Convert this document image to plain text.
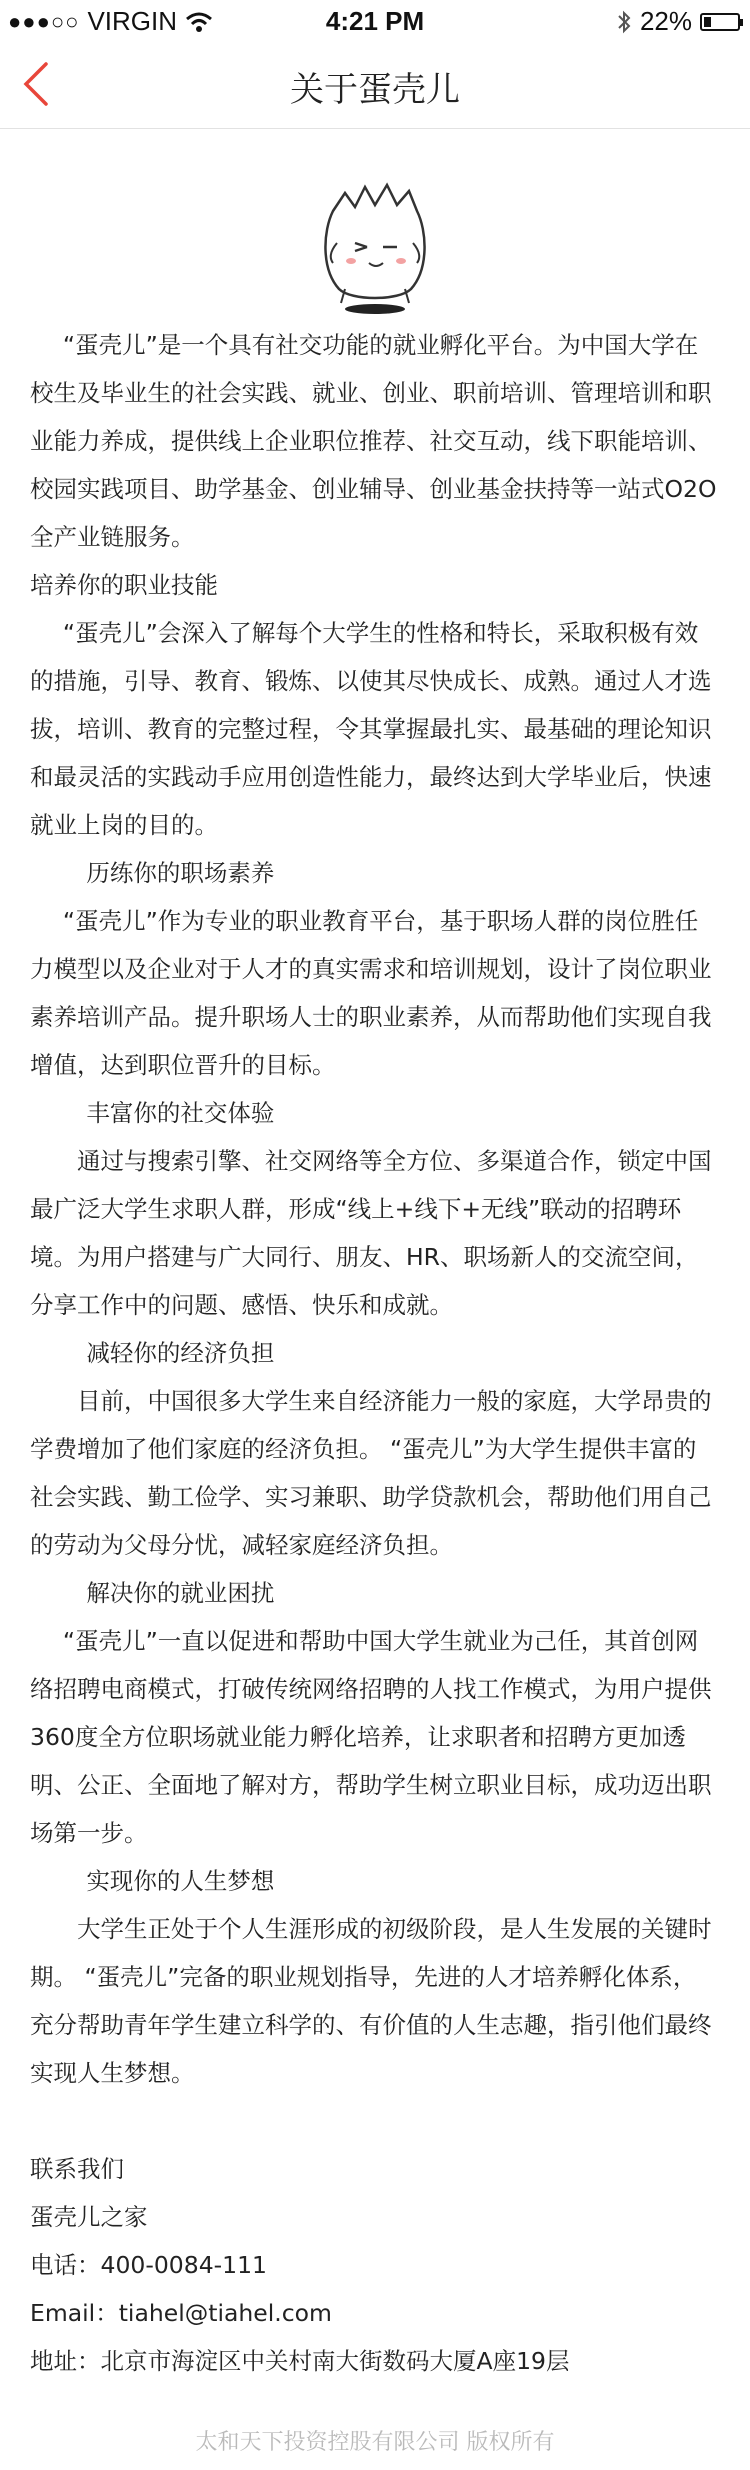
●●●○○ VIRGIN	4:21 PM	22%
关于蛋壳儿

“蛋壳儿”是一个具有社交功能的就业孵化平台。为中国大学在校生及毕业生的社会实践、就业、创业、职前培训、管理培训和职业能力养成，提供线上企业职位推荐、社交互动，线下职能培训、校园实践项目、助学基金、创业辅导、创业基金扶持等一站式O2O全产业链服务。

培养你的职业技能

“蛋壳儿”会深入了解每个大学生的性格和特长，采取积极有效的措施，引导、教育、锻炼、以使其尽快成长、成熟。通过人才选拔，培训、教育的完整过程，令其掌握最扎实、最基础的理论知识和最灵活的实践动手应用创造性能力，最终达到大学毕业后，快速就业上岗的目的。

历练你的职场素养

“蛋壳儿”作为专业的职业教育平台，基于职场人群的岗位胜任力模型以及企业对于人才的真实需求和培训规划，设计了岗位职业素养培训产品。提升职场人士的职业素养，从而帮助他们实现自我增值，达到职位晋升的目标。

丰富你的社交体验

通过与搜索引擎、社交网络等全方位、多渠道合作，锁定中国最广泛大学生求职人群，形成“线上+线下+无线”联动的招聘环境。为用户搭建与广大同行、朋友、HR、职场新人的交流空间，分享工作中的问题、感悟、快乐和成就。

减轻你的经济负担

目前，中国很多大学生来自经济能力一般的家庭，大学昂贵的学费增加了他们家庭的经济负担。 “蛋壳儿”为大学生提供丰富的社会实践、勤工俭学、实习兼职、助学贷款机会，帮助他们用自己的劳动为父母分忧，减轻家庭经济负担。

解决你的就业困扰

“蛋壳儿”一直以促进和帮助中国大学生就业为己任，其首创网络招聘电商模式，打破传统网络招聘的人找工作模式，为用户提供360度全方位职场就业能力孵化培养，让求职者和招聘方更加透明、公正、全面地了解对方，帮助学生树立职业目标，成功迈出职场第一步。

实现你的人生梦想

大学生正处于个人生涯形成的初级阶段，是人生发展的关键时期。 “蛋壳儿”完备的职业规划指导，先进的人才培养孵化体系，充分帮助青年学生建立科学的、有价值的人生志趣，指引他们最终实现人生梦想。

联系我们

蛋壳儿之家

电话：400-0084-111

Email：tiahel@tiahel.com

地址：北京市海淀区中关村南大街数码大厦A座19层

太和天下投资控股有限公司 版权所有
